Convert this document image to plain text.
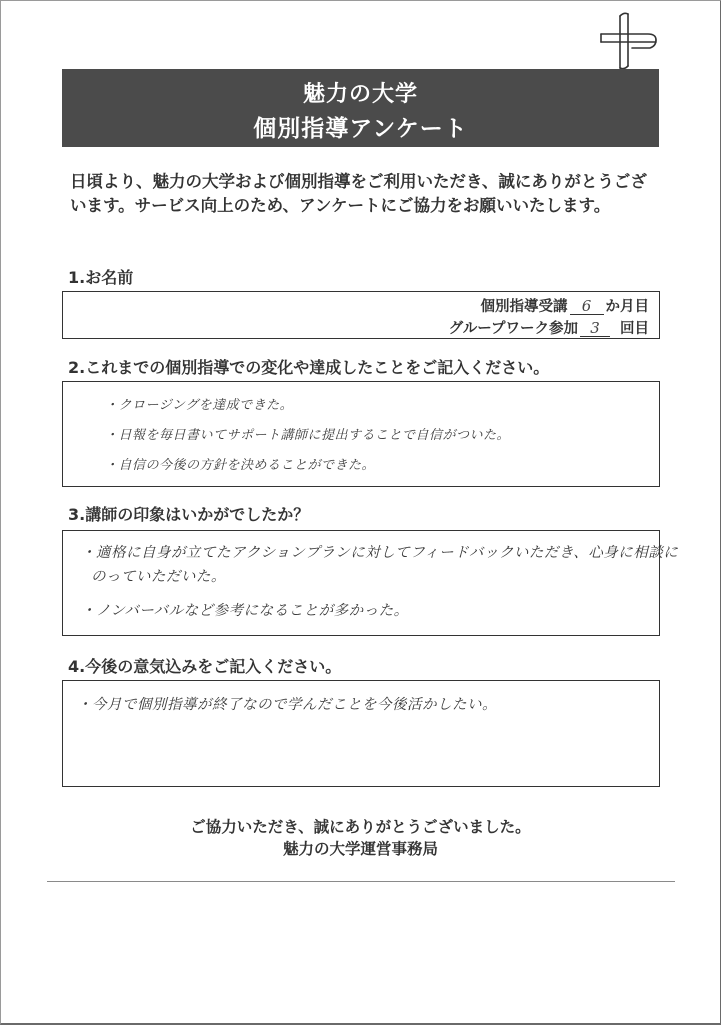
魅力の大学
個別指導アンケート

日頃より、魅力の大学および個別指導をご利用いただき、誠にありがとうございます。サービス向上のため、アンケートにご協力をお願いいたします。

1.お名前

個別指導受講 6 か月目
グループワーク参加 3 回目

2.これまでの個別指導での変化や達成したことをご記入ください。

・クロージングを達成できた。
・日報を毎日書いてサポート講師に提出することで自信がついた。
・自信の今後の方針を決めることができた。

3.講師の印象はいかがでしたか？

・適格に自身が立てたアクションプランに対してフィードバックいただき、心身に相談に
のっていただいた。
・ノンバーバルなど参考になることが多かった。

4.今後の意気込みをご記入ください。

・今月で個別指導が終了なので学んだことを今後活かしたい。

ご協力いただき、誠にありがとうございました。

魅力の大学運営事務局
